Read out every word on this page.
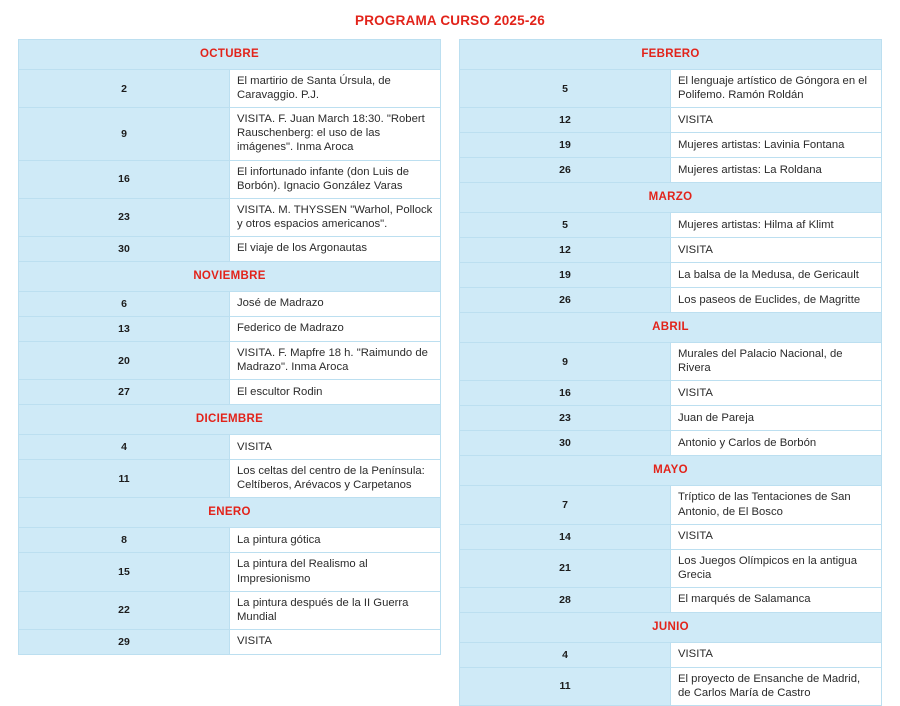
PROGRAMA CURSO 2025-26
OCTUBRE	
2	El martirio de Santa Úrsula, de Caravaggio. P.J.
9	VISITA. F. Juan March 18:30. "Robert Rauschenberg: el uso de las imágenes". Inma Aroca
16	El infortunado infante (don Luis de Borbón). Ignacio González Varas
23	VISITA. M. THYSSEN "Warhol, Pollock y otros espacios americanos".
30	El viaje de los Argonautas
NOVIEMBRE	
6	José de Madrazo
13	Federico de Madrazo
20	VISITA. F. Mapfre 18 h. "Raimundo de Madrazo". Inma Aroca
27	El escultor Rodin
DICIEMBRE	
4	VISITA
11	Los celtas del centro de la Península: Celtíberos, Arévacos y Carpetanos
ENERO	
8	La pintura gótica
15	La pintura del Realismo al Impresionismo
22	La pintura después de la II Guerra Mundial
29	VISITA
FEBRERO	
5	El lenguaje artístico de Góngora en el Polifemo. Ramón Roldán
12	VISITA
19	Mujeres artistas: Lavinia Fontana
26	Mujeres artistas: La Roldana
MARZO	
5	Mujeres artistas: Hilma af Klimt
12	VISITA
19	La balsa de la Medusa, de Gericault
26	Los paseos de Euclides, de Magritte
ABRIL	
9	Murales del Palacio Nacional, de Rivera
16	VISITA
23	Juan de Pareja
30	Antonio y Carlos de Borbón
MAYO	
7	Tríptico de las Tentaciones de San Antonio, de El Bosco
14	VISITA
21	Los Juegos Olímpicos en la antigua Grecia
28	El marqués de Salamanca
JUNIO	
4	VISITA
11	El proyecto de Ensanche de Madrid, de Carlos María de Castro
